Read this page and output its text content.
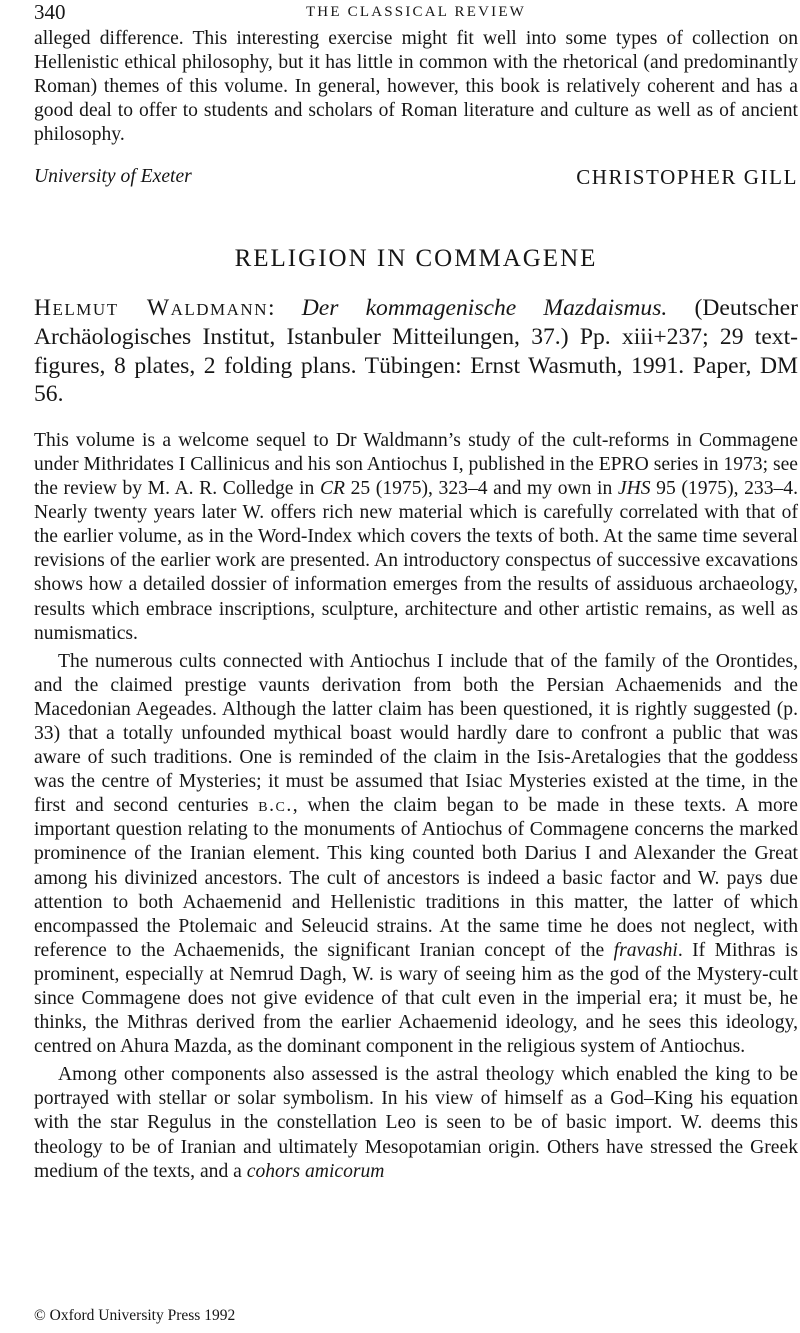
340	THE CLASSICAL REVIEW

alleged difference. This interesting exercise might fit well into some types of collection on Hellenistic ethical philosophy, but it has little in common with the rhetorical (and predominantly Roman) themes of this volume. In general, however, this book is relatively coherent and has a good deal to offer to students and scholars of Roman literature and culture as well as of ancient philosophy.

University of Exeter	CHRISTOPHER GILL
RELIGION IN COMMAGENE
Helmut Waldmann: Der kommagenische Mazdaismus. (Deutscher Archäologisches Institut, Istanbuler Mitteilungen, 37.) Pp. xiii+237; 29 text-figures, 8 plates, 2 folding plans. Tübingen: Ernst Wasmuth, 1991. Paper, DM 56.

This volume is a welcome sequel to Dr Waldmann’s study of the cult-reforms in Commagene under Mithridates I Callinicus and his son Antiochus I, published in the EPRO series in 1973; see the review by M. A. R. Colledge in CR 25 (1975), 323–4 and my own in JHS 95 (1975), 233–4. Nearly twenty years later W. offers rich new material which is carefully correlated with that of the earlier volume, as in the Word-Index which covers the texts of both. At the same time several revisions of the earlier work are presented. An introductory conspectus of successive excavations shows how a detailed dossier of information emerges from the results of assiduous archaeology, results which embrace inscriptions, sculpture, architecture and other artistic remains, as well as numismatics.

The numerous cults connected with Antiochus I include that of the family of the Orontides, and the claimed prestige vaunts derivation from both the Persian Achaemenids and the Macedonian Aegeades. Although the latter claim has been questioned, it is rightly suggested (p. 33) that a totally unfounded mythical boast would hardly dare to confront a public that was aware of such traditions. One is reminded of the claim in the Isis-Aretalogies that the goddess was the centre of Mysteries; it must be assumed that Isiac Mysteries existed at the time, in the first and second centuries b.c., when the claim began to be made in these texts. A more important question relating to the monuments of Antiochus of Commagene concerns the marked prominence of the Iranian element. This king counted both Darius I and Alexander the Great among his divinized ancestors. The cult of ancestors is indeed a basic factor and W. pays due attention to both Achaemenid and Hellenistic traditions in this matter, the latter of which encompassed the Ptolemaic and Seleucid strains. At the same time he does not neglect, with reference to the Achaemenids, the significant Iranian concept of the fravashi. If Mithras is prominent, especially at Nemrud Dagh, W. is wary of seeing him as the god of the Mystery-cult since Commagene does not give evidence of that cult even in the imperial era; it must be, he thinks, the Mithras derived from the earlier Achaemenid ideology, and he sees this ideology, centred on Ahura Mazda, as the dominant component in the religious system of Antiochus.

Among other components also assessed is the astral theology which enabled the king to be portrayed with stellar or solar symbolism. In his view of himself as a God–King his equation with the star Regulus in the constellation Leo is seen to be of basic import. W. deems this theology to be of Iranian and ultimately Mesopotamian origin. Others have stressed the Greek medium of the texts, and a cohors amicorum

© Oxford University Press 1992
